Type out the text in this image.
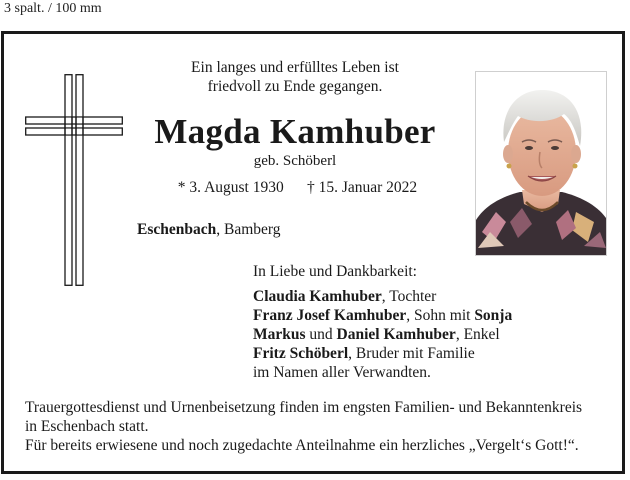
3 spalt. / 100 mm
Ein langes und erfülltes Leben ist
friedvoll zu Ende gegangen.
Magda Kamhuber
geb. Schöberl
* 3. August 1930 † 15. Januar 2022
Eschenbach, Bamberg
In Liebe und Dankbarkeit:
Claudia Kamhuber, Tochter
Franz Josef Kamhuber, Sohn mit Sonja
Markus und Daniel Kamhuber, Enkel
Fritz Schöberl, Bruder mit Familie
im Namen aller Verwandten.
Trauergottesdienst und Urnenbeisetzung finden im engsten Familien- und Bekanntenkreis
in Eschenbach statt.
Für bereits erwiesene und noch zugedachte Anteilnahme ein herzliches „Vergelt‘s Gott!“.
